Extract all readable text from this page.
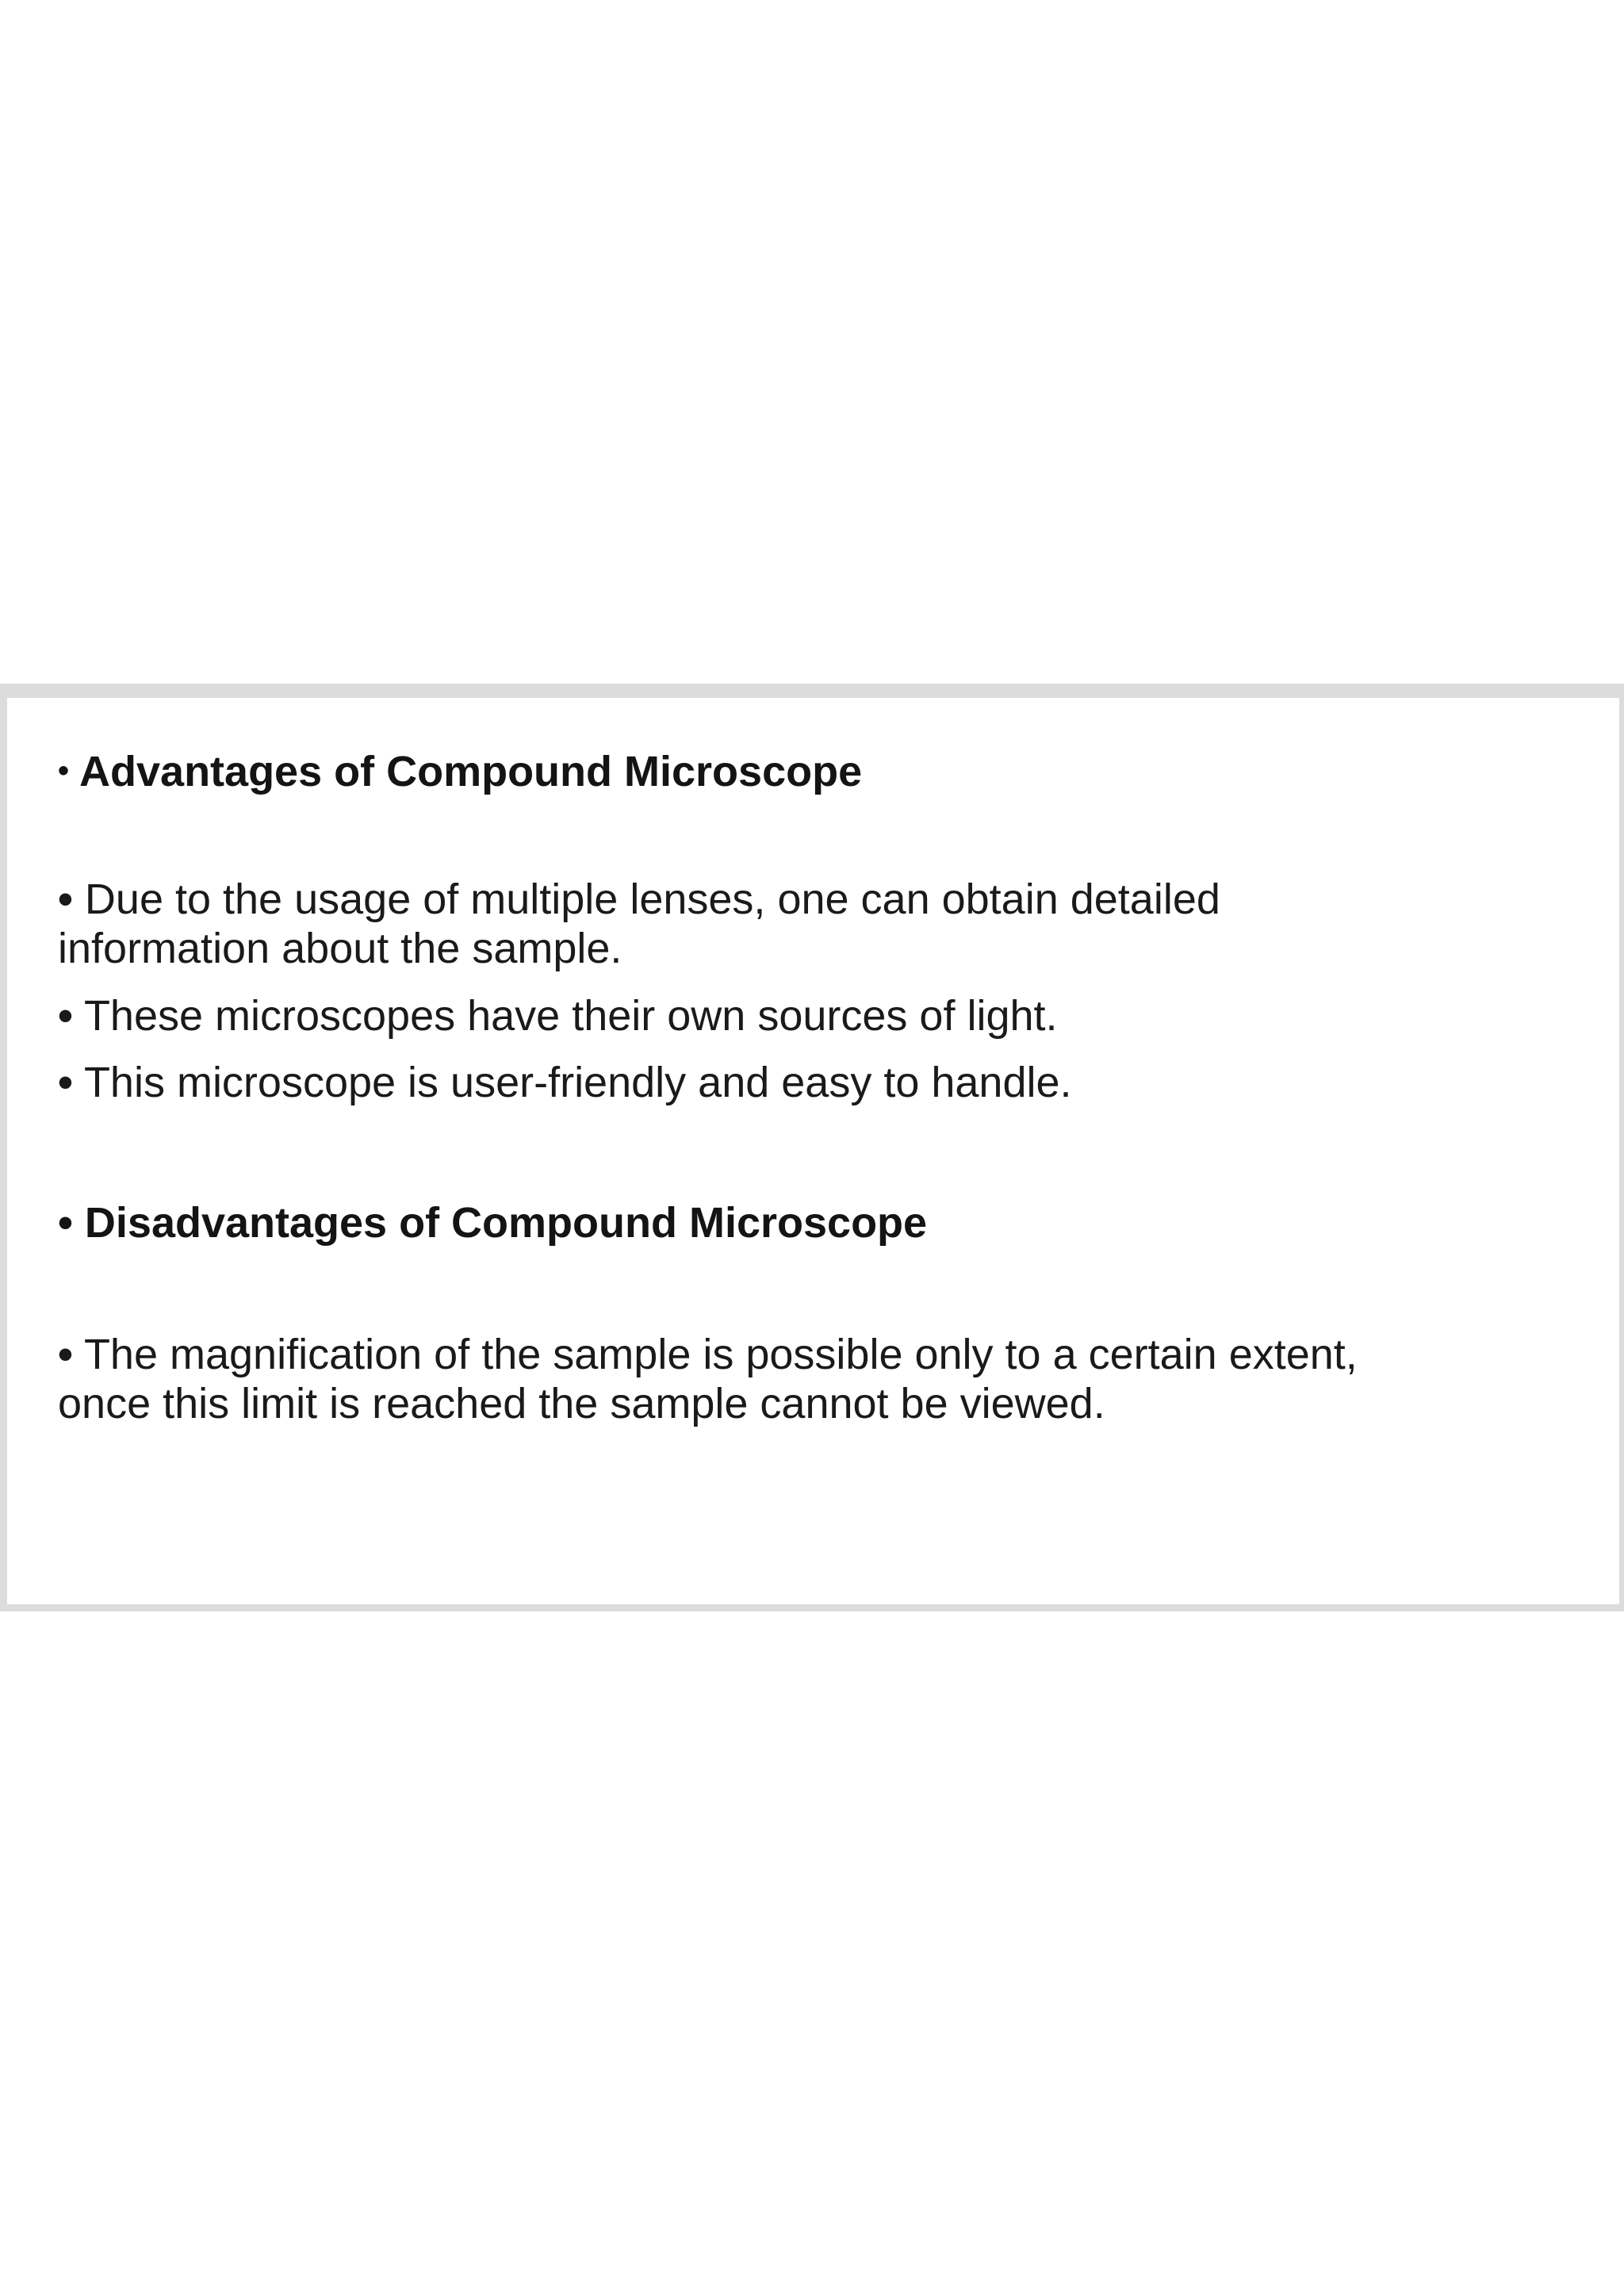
• Advantages of Compound Microscope

• Due to the usage of multiple lenses, one can obtain detailed information about the sample.

• These microscopes have their own sources of light.

• This microscope is user-friendly and easy to handle.

• Disadvantages of Compound Microscope

• The magnification of the sample is possible only to a certain extent, once this limit is reached the sample cannot be viewed.
